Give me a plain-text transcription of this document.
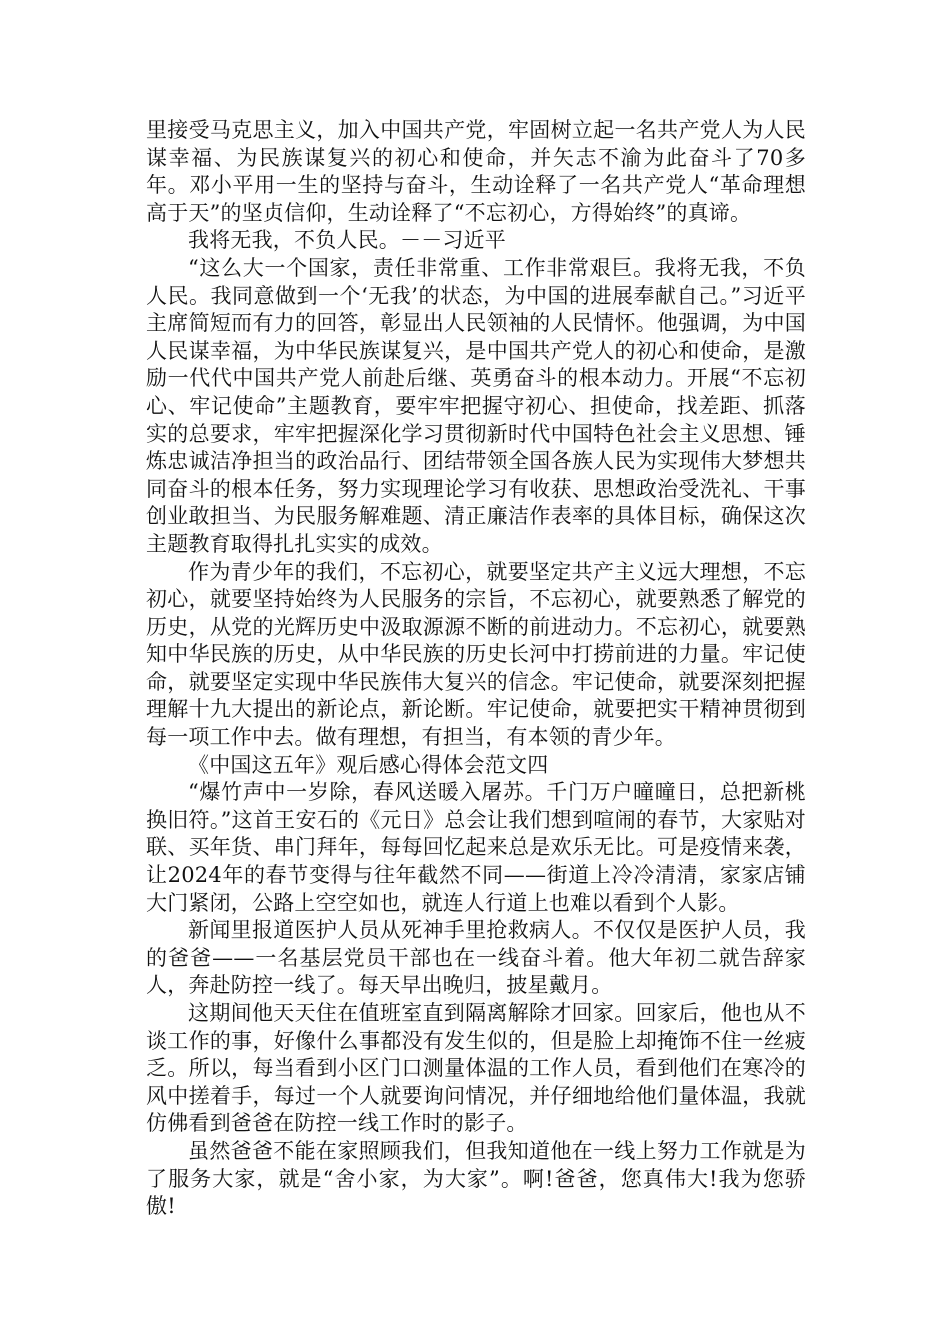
里接受马克思主义，加入中国共产党，牢固树立起一名共产党人为人民谋幸福、为民族谋复兴的初心和使命，并矢志不渝为此奋斗了70多年。邓小平用一生的坚持与奋斗，生动诠释了一名共产党人“革命理想高于天”的坚贞信仰，生动诠释了“不忘初心，方得始终”的真谛。

我将无我，不负人民。－－习近平

“这么大一个国家，责任非常重、工作非常艰巨。我将无我，不负人民。我同意做到一个‘无我’的状态，为中国的进展奉献自己。”习近平主席简短而有力的回答，彰显出人民领袖的人民情怀。他强调，为中国人民谋幸福，为中华民族谋复兴，是中国共产党人的初心和使命，是激励一代代中国共产党人前赴后继、英勇奋斗的根本动力。开展“不忘初心、牢记使命”主题教育，要牢牢把握守初心、担使命，找差距、抓落实的总要求，牢牢把握深化学习贯彻新时代中国特色社会主义思想、锤炼忠诚洁净担当的政治品行、团结带领全国各族人民为实现伟大梦想共同奋斗的根本任务，努力实现理论学习有收获、思想政治受洗礼、干事创业敢担当、为民服务解难题、清正廉洁作表率的具体目标，确保这次主题教育取得扎扎实实的成效。

作为青少年的我们，不忘初心，就要坚定共产主义远大理想，不忘初心，就要坚持始终为人民服务的宗旨，不忘初心，就要熟悉了解党的历史，从党的光辉历史中汲取源源不断的前进动力。不忘初心，就要熟知中华民族的历史，从中华民族的历史长河中打捞前进的力量。牢记使命，就要坚定实现中华民族伟大复兴的信念。牢记使命，就要深刻把握理解十九大提出的新论点，新论断。牢记使命，就要把实干精神贯彻到每一项工作中去。做有理想，有担当，有本领的青少年。

《中国这五年》观后感心得体会范文四

“爆竹声中一岁除，春风送暖入屠苏。千门万户曈曈日，总把新桃换旧符。”这首王安石的《元日》总会让我们想到喧闹的春节，大家贴对联、买年货、串门拜年，每每回忆起来总是欢乐无比。可是疫情来袭，让2024年的春节变得与往年截然不同——街道上冷冷清清，家家店铺大门紧闭，公路上空空如也，就连人行道上也难以看到个人影。

新闻里报道医护人员从死神手里抢救病人。不仅仅是医护人员，我的爸爸——一名基层党员干部也在一线奋斗着。他大年初二就告辞家人，奔赴防控一线了。每天早出晚归，披星戴月。

这期间他天天住在值班室直到隔离解除才回家。回家后，他也从不谈工作的事，好像什么事都没有发生似的，但是脸上却掩饰不住一丝疲乏。所以，每当看到小区门口测量体温的工作人员，看到他们在寒冷的风中搓着手，每过一个人就要询问情况，并仔细地给他们量体温，我就仿佛看到爸爸在防控一线工作时的影子。

虽然爸爸不能在家照顾我们，但我知道他在一线上努力工作就是为了服务大家，就是“舍小家，为大家”。啊!爸爸，您真伟大!我为您骄傲!
